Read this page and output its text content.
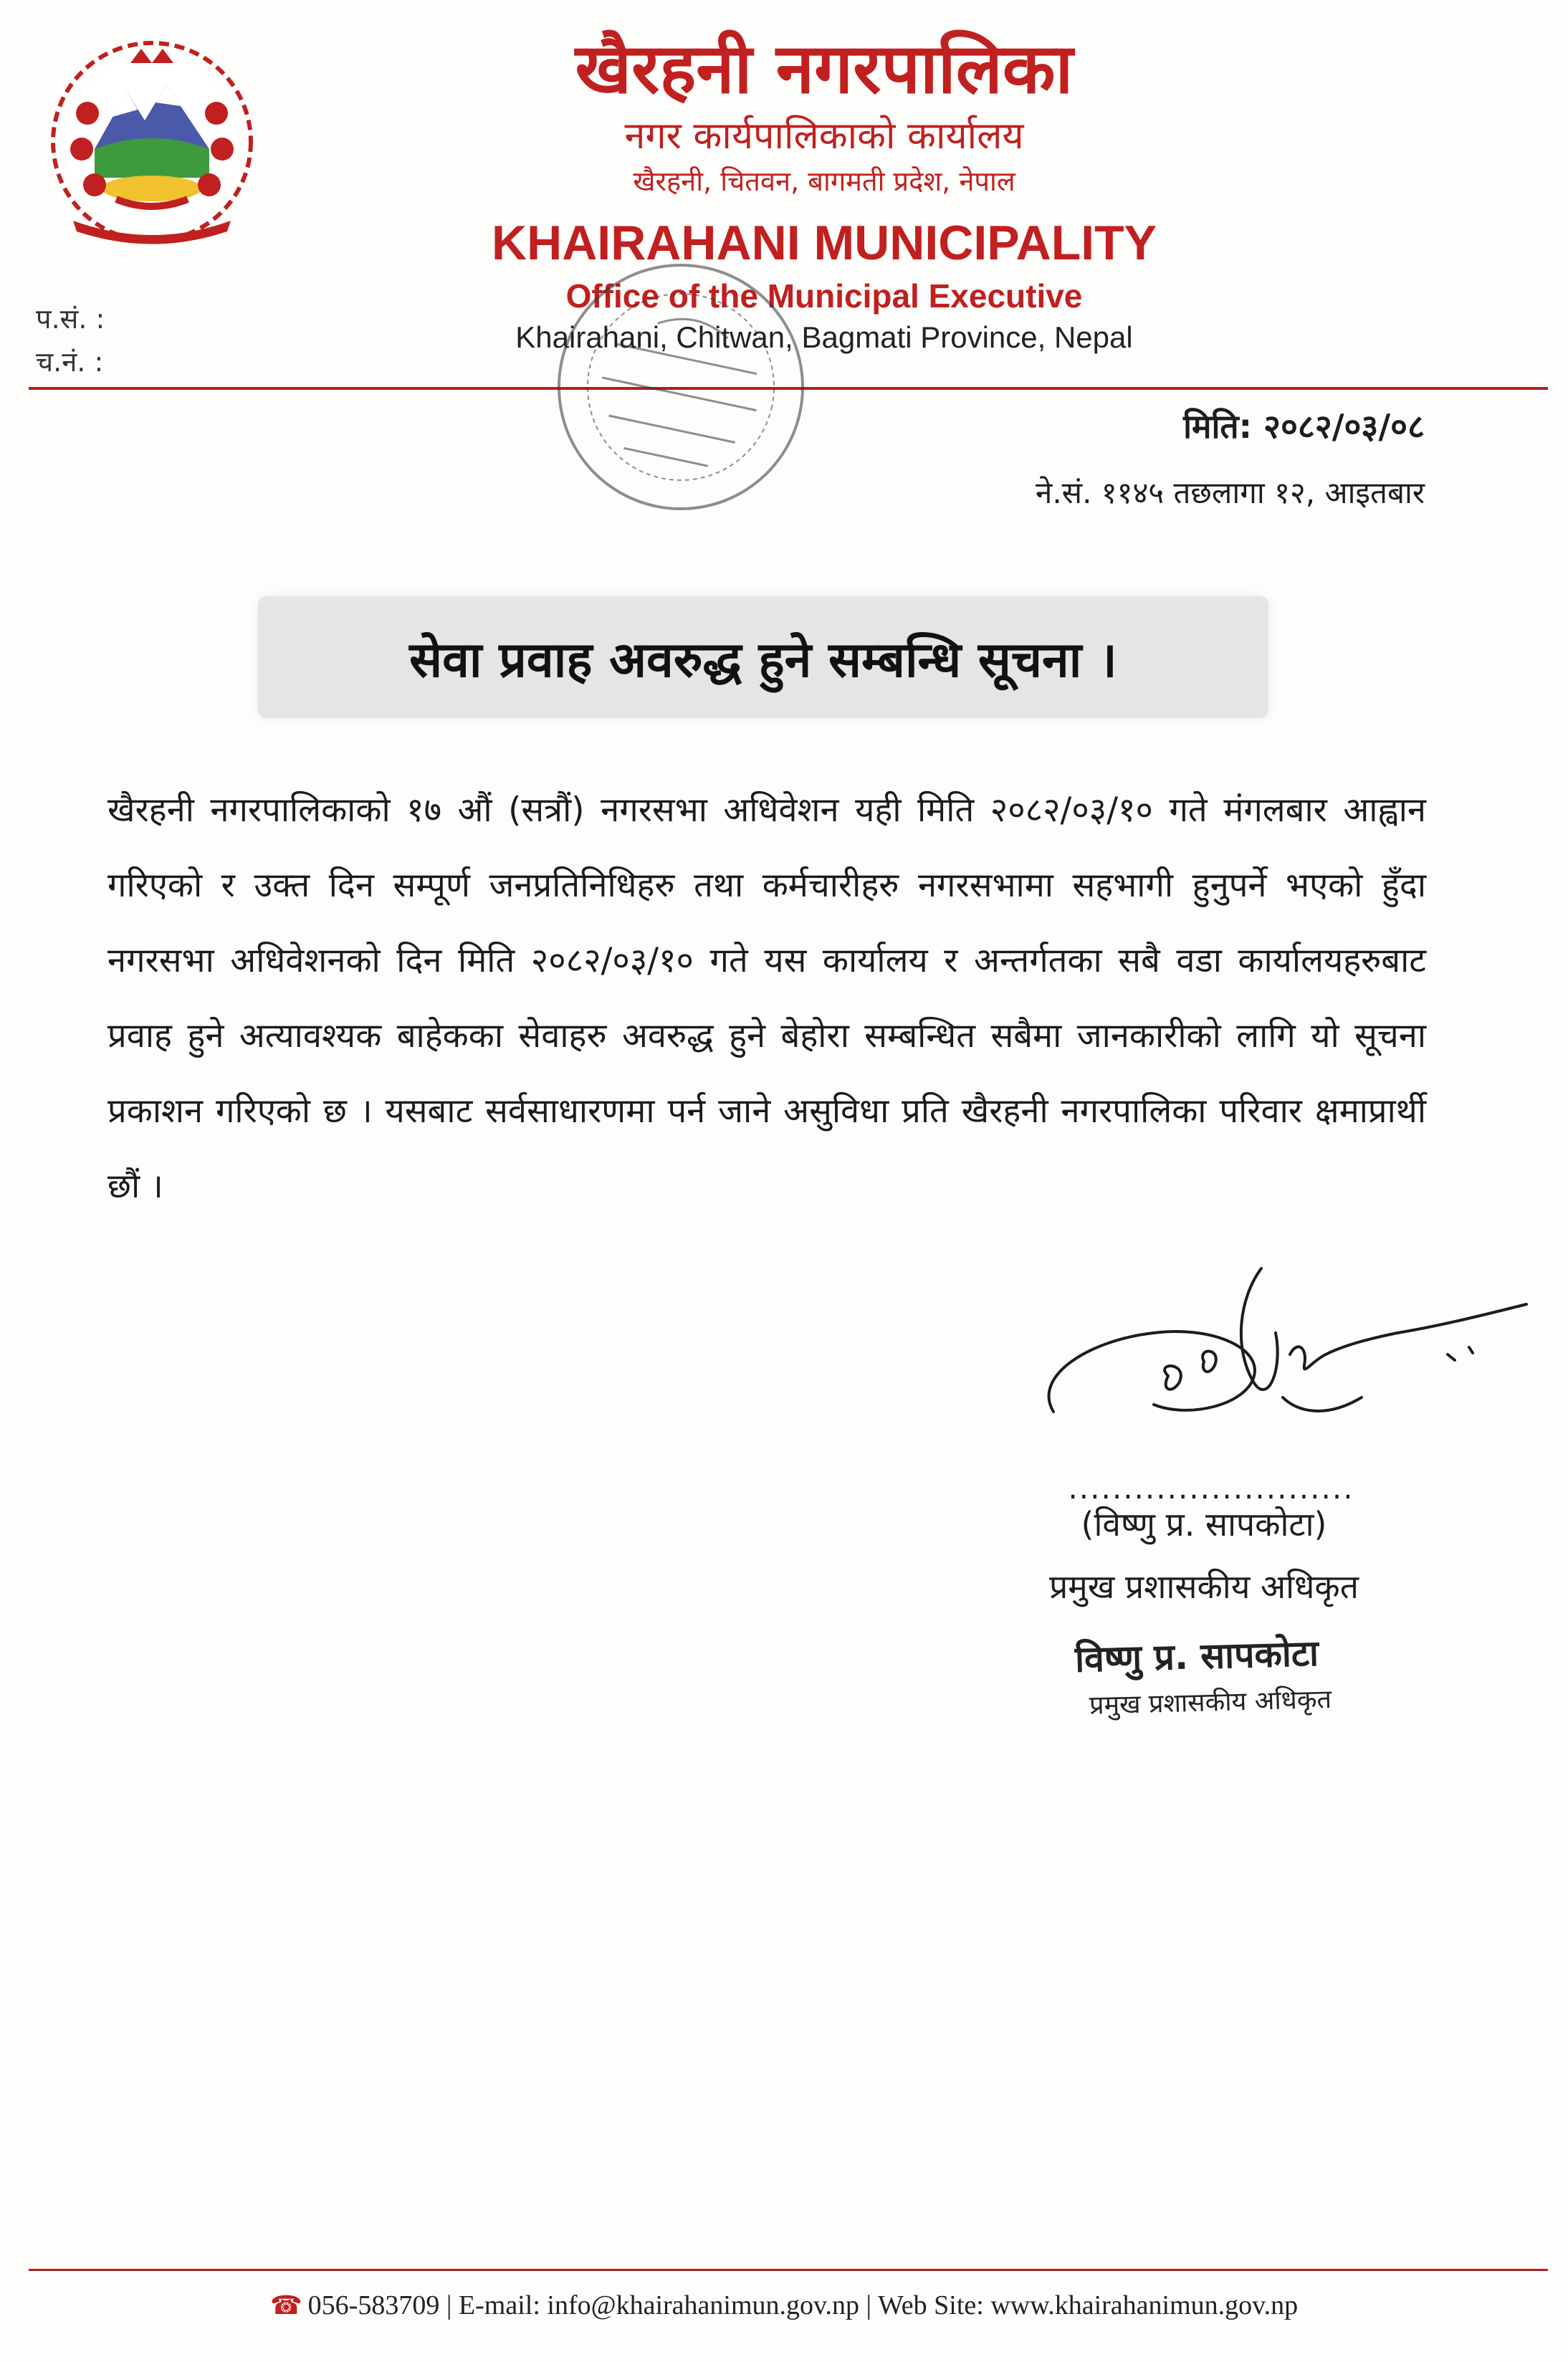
खैरहनी नगरपालिका
नगर कार्यपालिकाको कार्यालय
खैरहनी, चितवन, बागमती प्रदेश, नेपाल
KHAIRAHANI MUNICIPALITY
Office of the Municipal Executive
Khairahani, Chitwan, Bagmati Province, Nepal
प.सं. :
च.नं. :
मिति: २०८२/०३/०८
ने.सं. ११४५ तछलागा १२, आइतबार
सेवा प्रवाह अवरुद्ध हुने सम्बन्धि सूचना ।
खैरहनी नगरपालिकाको १७ औं (सत्रौं) नगरसभा अधिवेशन यही मिति २०८२/०३/१० गते मंगलबार आह्वान गरिएको र उक्त दिन सम्पूर्ण जनप्रतिनिधिहरु तथा कर्मचारीहरु नगरसभामा सहभागी हुनुपर्ने भएको हुँदा नगरसभा अधिवेशनको दिन मिति २०८२/०३/१० गते यस कार्यालय र अन्तर्गतका सबै वडा कार्यालयहरुबाट प्रवाह हुने अत्यावश्यक बाहेकका सेवाहरु अवरुद्ध हुने बेहोरा सम्बन्धित सबैमा जानकारीको लागि यो सूचना प्रकाशन गरिएको छ । यसबाट सर्वसाधारणमा पर्न जाने असुविधा प्रति खैरहनी नगरपालिका परिवार क्षमाप्रार्थी छौं ।
..........................
(विष्णु प्र. सापकोटा)
प्रमुख प्रशासकीय अधिकृत
विष्णु प्र. सापकोटा
प्रमुख प्रशासकीय अधिकृत
☎ 056-583709 | E-mail: info@khairahanimun.gov.np | Web Site: www.khairahanimun.gov.np
